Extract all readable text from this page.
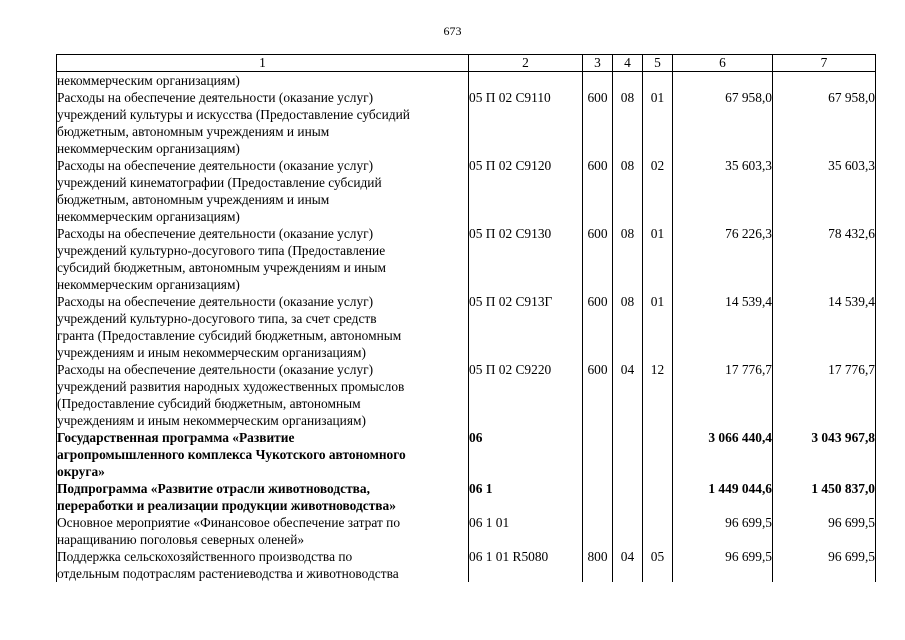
673
1	2	3	4	5	6	7

некоммерческим организациям)						

Расходы на обеспечение деятельности (оказание услуг)
учреждений культуры и искусства (Предоставление субсидий
бюджетным, автономным учреждениям и иным
некоммерческим организациям)	05 П 02 С9110	600	08	01	67 958,0	67 958,0

Расходы на обеспечение деятельности (оказание услуг)
учреждений кинематографии (Предоставление субсидий
бюджетным, автономным учреждениям и иным
некоммерческим организациям)	05 П 02 С9120	600	08	02	35 603,3	35 603,3

Расходы на обеспечение деятельности (оказание услуг)
учреждений культурно-досугового типа (Предоставление
субсидий бюджетным, автономным учреждениям и иным
некоммерческим организациям)	05 П 02 С9130	600	08	01	76 226,3	78 432,6

Расходы на обеспечение деятельности (оказание услуг)
учреждений культурно-досугового типа, за счет средств
гранта (Предоставление субсидий бюджетным, автономным
учреждениям и иным некоммерческим организациям)	05 П 02 С913Г	600	08	01	14 539,4	14 539,4

Расходы на обеспечение деятельности (оказание услуг)
учреждений развития народных художественных промыслов
(Предоставление субсидий бюджетным, автономным
учреждениям и иным некоммерческим организациям)	05 П 02 С9220	600	04	12	17 776,7	17 776,7

Государственная программа «Развитие
агропромышленного комплекса Чукотского автономного
округа»	06				3 066 440,4	3 043 967,8

Подпрограмма «Развитие отрасли животноводства,
переработки и реализации продукции животноводства»	06 1				1 449 044,6	1 450 837,0

Основное мероприятие «Финансовое обеспечение затрат по
наращиванию поголовья северных оленей»	06 1 01				96 699,5	96 699,5

Поддержка сельскохозяйственного производства по
отдельным подотраслям растениеводства и животноводства	06 1 01 R5080	800	04	05	96 699,5	96 699,5
